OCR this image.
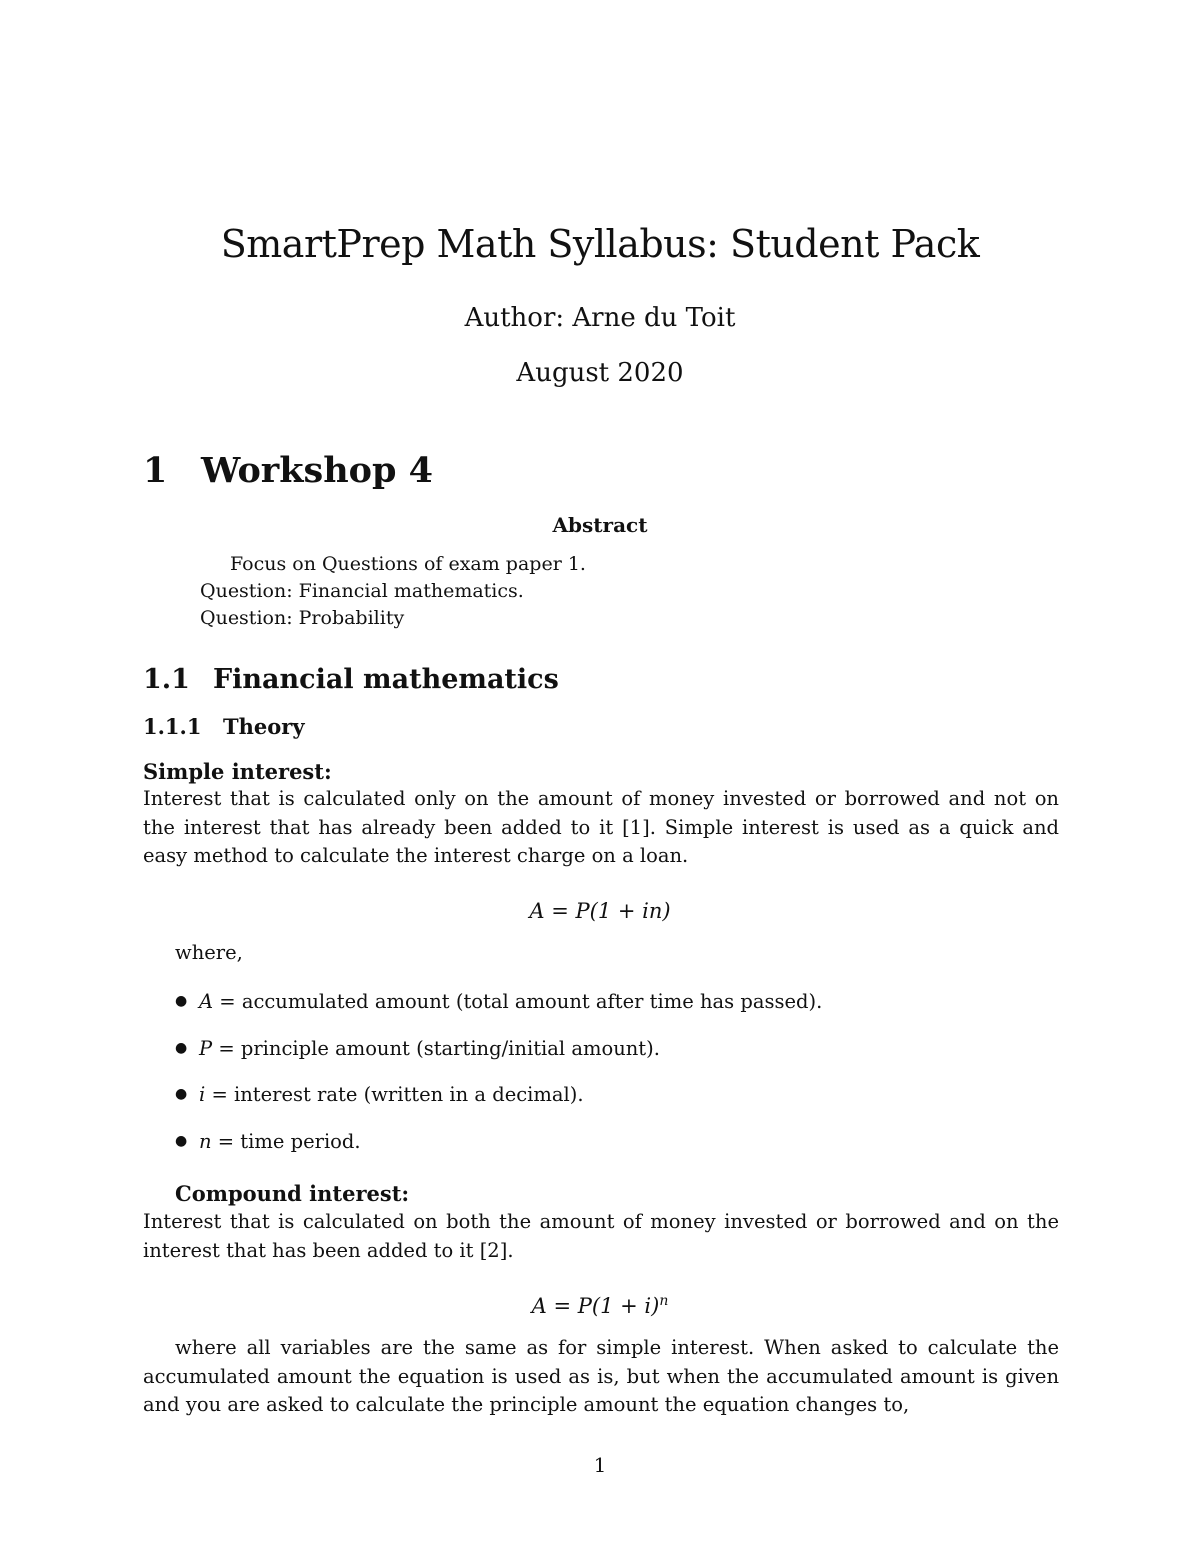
SmartPrep Math Syllabus: Student Pack
Author: Arne du Toit
August 2020
1 Workshop 4
Abstract
Focus on Questions of exam paper 1.
Question: Financial mathematics.
Question: Probability
1.1 Financial mathematics
1.1.1 Theory
Simple interest:
Interest that is calculated only on the amount of money invested or borrowed and not on the interest that has already been added to it [1]. Simple interest is used as a quick and easy method to calculate the interest charge on a loan.
A = P(1 + in)
where,
● A = accumulated amount (total amount after time has passed).
● P = principle amount (starting/initial amount).
● i = interest rate (written in a decimal).
● n = time period.
Compound interest:
Interest that is calculated on both the amount of money invested or borrowed and on the interest that has been added to it [2].
$A = P(1 + i)^n$
where all variables are the same as for simple interest. When asked to calculate the accumulated amount the equation is used as is, but when the accumulated amount is given and you are asked to calculate the principle amount the equation changes to,
1
